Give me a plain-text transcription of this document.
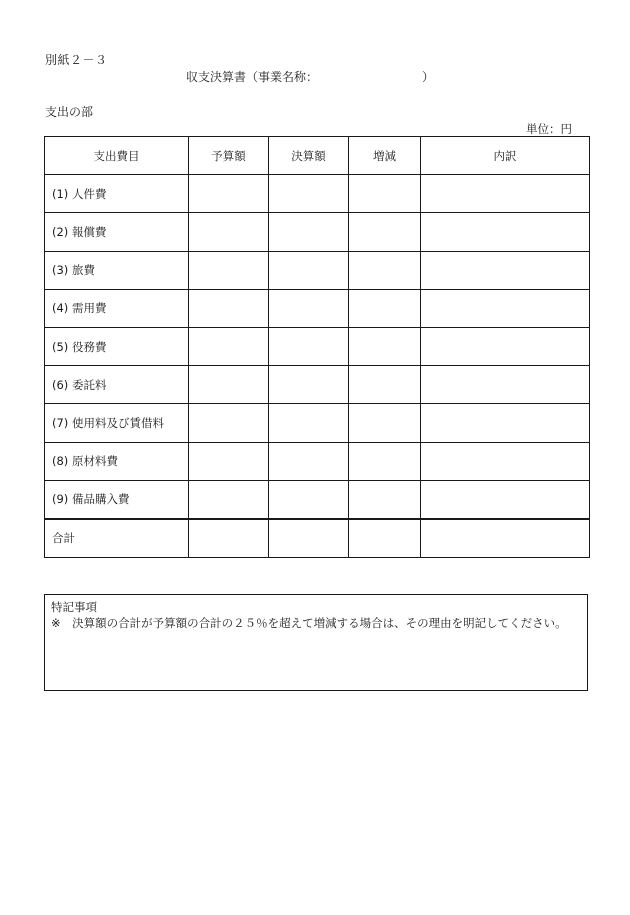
別紙２－３
収支決算書（事業名称：	）
支出の部
単位：円
支出費目	予算額	決算額	増減	内訳
(1) 人件費				
(2) 報償費				
(3) 旅費				
(4) 需用費				
(5) 役務費				
(6) 委託料				
(7) 使用料及び賃借料				
(8) 原材料費				
(9) 備品購入費				
合計				
特記事項
※　決算額の合計が予算額の合計の２５％を超えて増減する場合は、その理由を明記してください。
